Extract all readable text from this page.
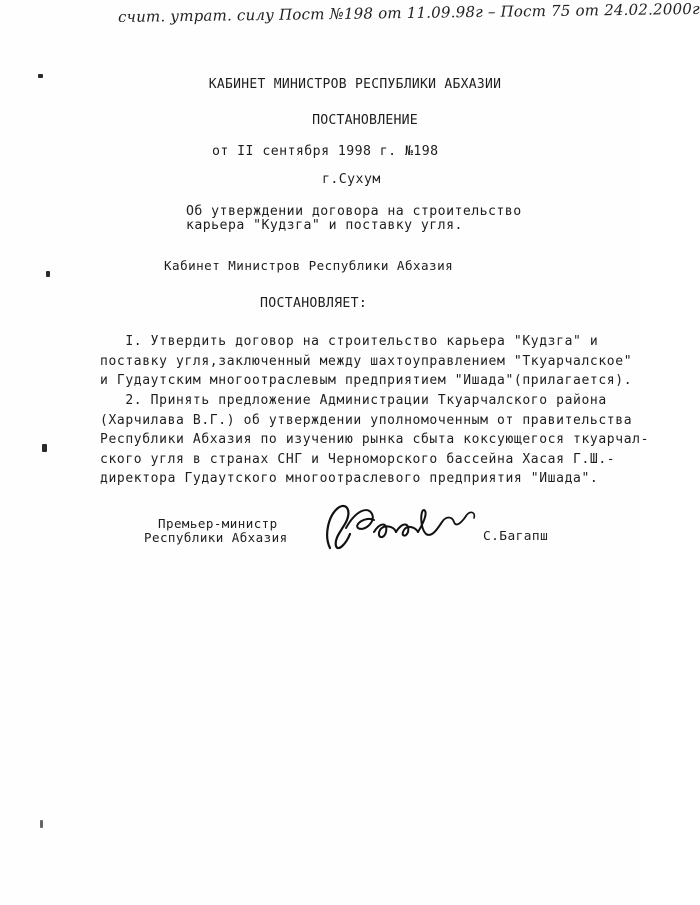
счит. утрат. силу Пост №198 от 11.09.98г – Пост 75 от 24.02.2000г
КАБИНЕТ МИНИСТРОВ РЕСПУБЛИКИ АБХАЗИИ
ПОСТАНОВЛЕНИЕ
от II сентября 1998 г. №198
г.Сухум
Об утверждении договора на строительство
карьера "Кудзга" и поставку угля.
Кабинет Министров Республики Абхазия
ПОСТАНОВЛЯЕТ:
I. Утвердить договор на строительство карьера "Кудзга" и
поставку угля,заключенный между шахтоуправлением "Ткуарчалское"
и Гудаутским многоотраслевым предприятием "Ишада"(прилагается).
2. Принять предложение Администрации Ткуарчалского района
(Харчилава В.Г.) об утверждении уполномоченным от правительства
Республики Абхазия по изучению рынка сбыта коксующегося ткуарчал-
ского угля в странах СНГ и Черноморского бассейна Хасая Г.Ш.-
директора Гудаутского многоотраслевого предприятия "Ишада".
Премьер-министр
Республики Абхазия	С.Багапш
